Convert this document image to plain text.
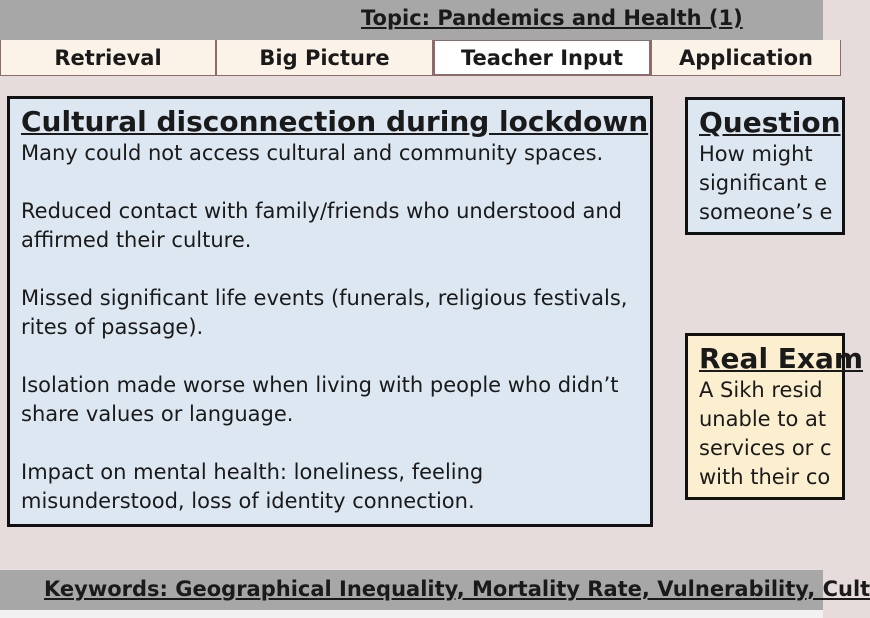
Topic: Pandemics and Health (1)
Retrieval	Big Picture	Teacher Input	Application
Cultural disconnection during lockdown
Many could not access cultural and community spaces.
Reduced contact with family/friends who understood and
affirmed their culture.
Missed significant life events (funerals, religious festivals,
rites of passage).
Isolation made worse when living with people who didn’t
share values or language.
Impact on mental health: loneliness, feeling
misunderstood, loss of identity connection.
Question
How might
significant e
someone’s e
Real Exam
A Sikh resid
unable to at
services or c
with their co
Keywords: Geographical Inequality, Mortality Rate, Vulnerability, Cult
